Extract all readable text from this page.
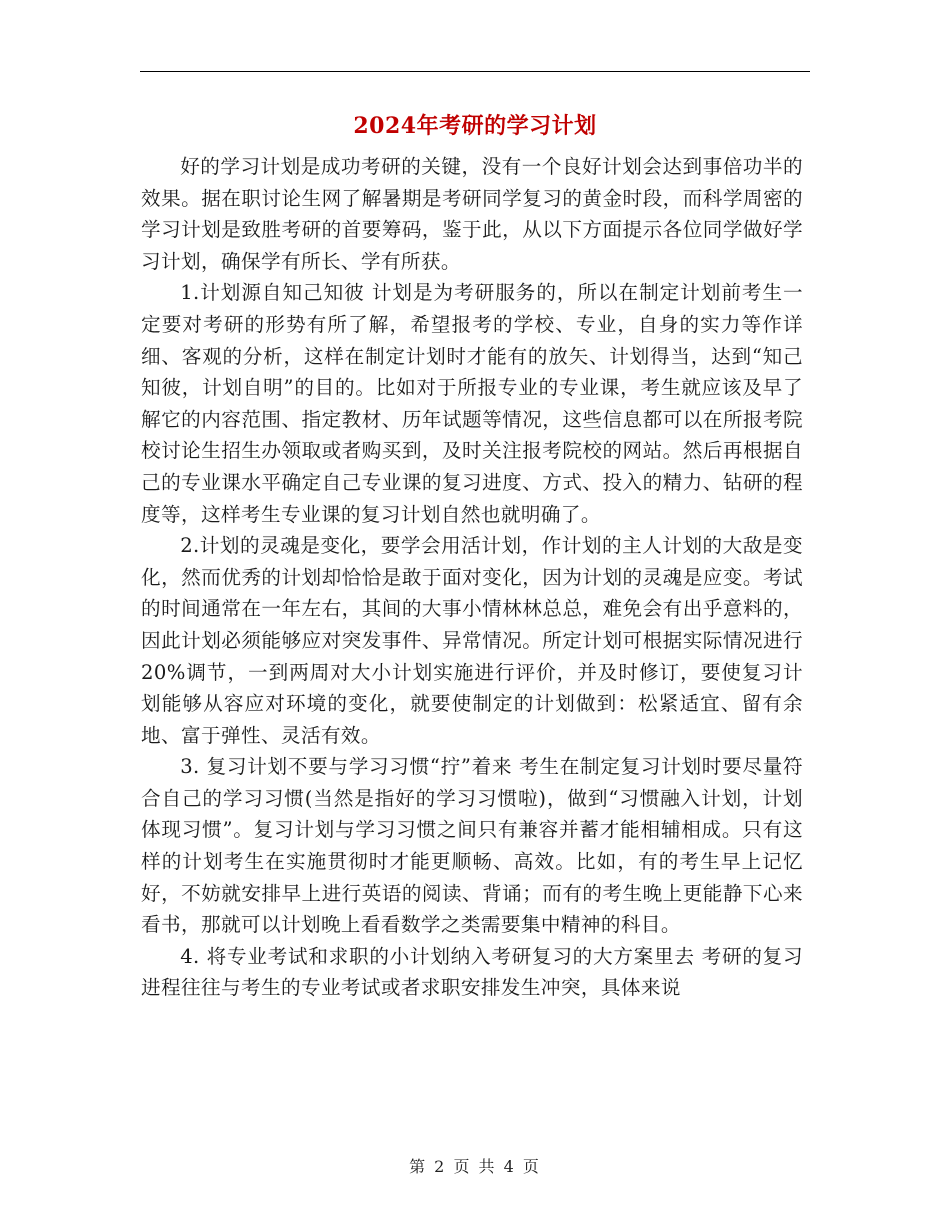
2024年考研的学习计划

好的学习计划是成功考研的关键，没有一个良好计划会达到事倍功半的效果。据在职讨论生网了解暑期是考研同学复习的黄金时段，而科学周密的学习计划是致胜考研的首要筹码，鉴于此，从以下方面提示各位同学做好学习计划，确保学有所长、学有所获。

1.计划源自知己知彼 计划是为考研服务的，所以在制定计划前考生一定要对考研的形势有所了解，希望报考的学校、专业，自身的实力等作详细、客观的分析，这样在制定计划时才能有的放矢、计划得当，达到“知己知彼，计划自明”的目的。比如对于所报专业的专业课，考生就应该及早了解它的内容范围、指定教材、历年试题等情况，这些信息都可以在所报考院校讨论生招生办领取或者购买到，及时关注报考院校的网站。然后再根据自己的专业课水平确定自己专业课的复习进度、方式、投入的精力、钻研的程度等，这样考生专业课的复习计划自然也就明确了。

2.计划的灵魂是变化，要学会用活计划，作计划的主人计划的大敌是变化，然而优秀的计划却恰恰是敢于面对变化，因为计划的灵魂是应变。考试的时间通常在一年左右，其间的大事小情林林总总，难免会有出乎意料的，因此计划必须能够应对突发事件、异常情况。所定计划可根据实际情况进行20%调节，一到两周对大小计划实施进行评价，并及时修订，要使复习计划能够从容应对环境的变化，就要使制定的计划做到：松紧适宜、留有余地、富于弹性、灵活有效。

3. 复习计划不要与学习习惯“拧”着来 考生在制定复习计划时要尽量符合自己的学习习惯(当然是指好的学习习惯啦)，做到“习惯融入计划，计划体现习惯”。复习计划与学习习惯之间只有兼容并蓄才能相辅相成。只有这样的计划考生在实施贯彻时才能更顺畅、高效。比如，有的考生早上记忆好，不妨就安排早上进行英语的阅读、背诵；而有的考生晚上更能静下心来看书，那就可以计划晚上看看数学之类需要集中精神的科目。

4. 将专业考试和求职的小计划纳入考研复习的大方案里去 考研的复习进程往往与考生的专业考试或者求职安排发生冲突，具体来说

第 2 页 共 4 页
